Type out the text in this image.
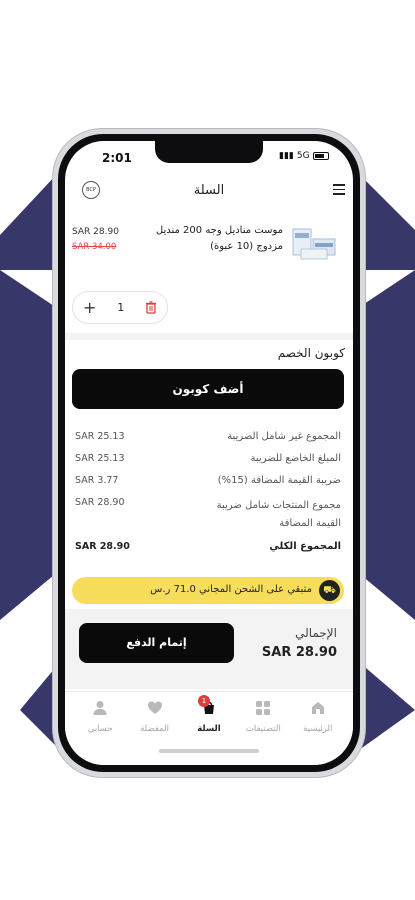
2:01	▮▮▮ 5G
BCP	السلة
موست مناديل وجه 200 منديل مزدوج (10 عبوة)
SAR 28.90
SAR 34.00
+ 1
كوبون الخصم
أضف كوبون
SAR 25.13	المجموع غير شامل الضريبة
SAR 25.13	المبلغ الخاضع للضريبة
SAR 3.77	ضريبة القيمة المضافة (15%)
SAR 28.90	مجموع المنتجات شامل ضريبة القيمة المضافة
SAR 28.90	المجموع الكلي
⛟
متبقي على الشحن المجاني 71.0 ر.س
إتمام الدفع
الإجمالي
SAR 28.90
الرئيسية
التصنيفات
1
السلة
المفضلة
حسابي
